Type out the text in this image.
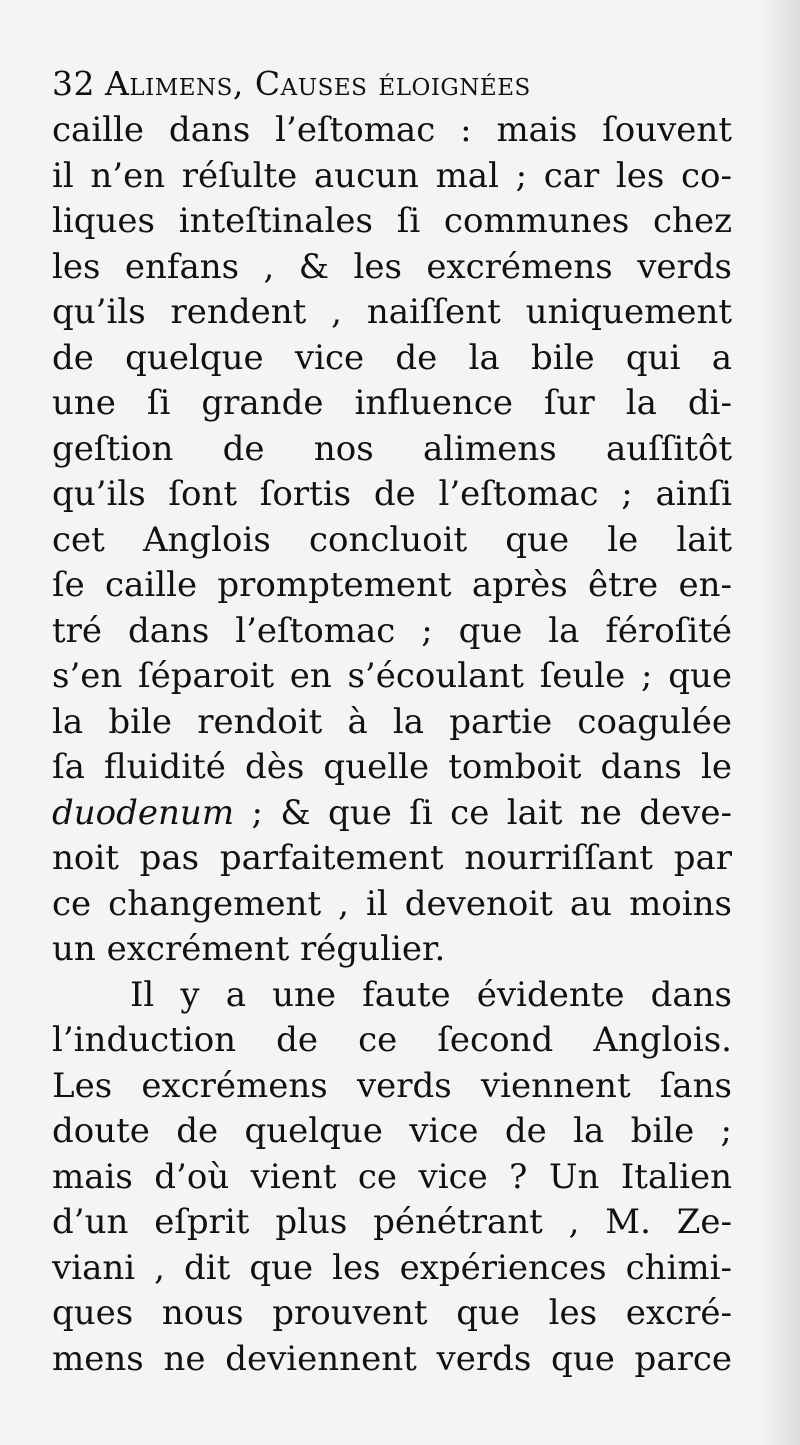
32 Alimens, Causes éloignées
caille dans l’eſtomac : mais ſouvent
il n’en réſulte aucun mal ; car les co-
liques inteſtinales ſi communes chez
les enfans , & les excrémens verds
qu’ils rendent , naiſſent uniquement
de quelque vice de la bile qui a
une ſi grande influence ſur la di-
geſtion de nos alimens auſſitôt
qu’ils ſont ſortis de l’eſtomac ; ainſi
cet Anglois concluoit que le lait
ſe caille promptement après être en-
tré dans l’eſtomac ; que la féroſité
s’en ſéparoit en s’écoulant ſeule ; que
la bile rendoit à la partie coagulée
ſa fluidité dès quelle tomboit dans le
duodenum ; & que ſi ce lait ne deve-
noit pas parfaitement nourriſſant par
ce changement , il devenoit au moins
un excrément régulier.
Il y a une faute évidente dans
l’induction de ce ſecond Anglois.
Les excrémens verds viennent ſans
doute de quelque vice de la bile ;
mais d’où vient ce vice ? Un Italien
d’un eſprit plus pénétrant , M. Ze-
viani , dit que les expériences chimi-
ques nous prouvent que les excré-
mens ne deviennent verds que parce
